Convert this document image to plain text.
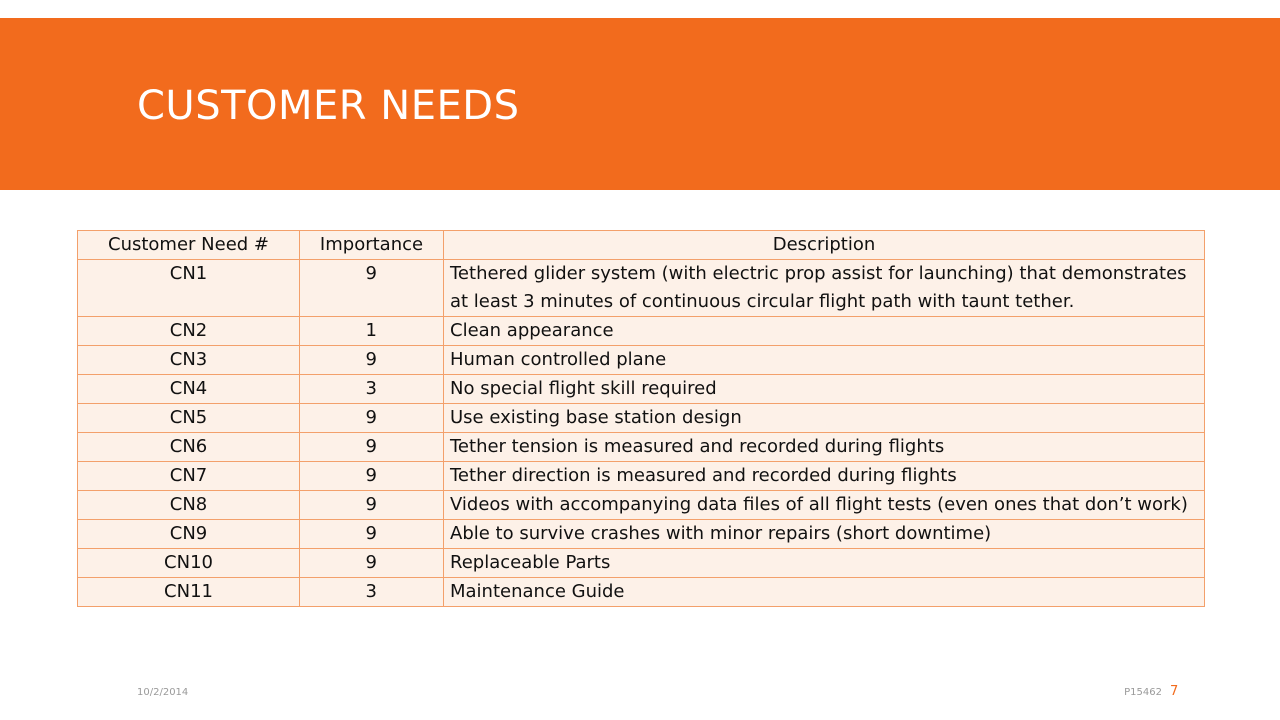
CUSTOMER NEEDS
Customer Need #	Importance	Description
CN1	9	Tethered glider system (with electric prop assist for launching) that demonstrates at least 3 minutes of continuous circular flight path with taunt tether.
CN2	1	Clean appearance
CN3	9	Human controlled plane
CN4	3	No special flight skill required
CN5	9	Use existing base station design
CN6	9	Tether tension is measured and recorded during flights
CN7	9	Tether direction is measured and recorded during flights
CN8	9	Videos with accompanying data files of all flight tests (even ones that don’t work)
CN9	9	Able to survive crashes with minor repairs (short downtime)
CN10	9	Replaceable Parts
CN11	3	Maintenance Guide
10/2/2014	P15462 7
